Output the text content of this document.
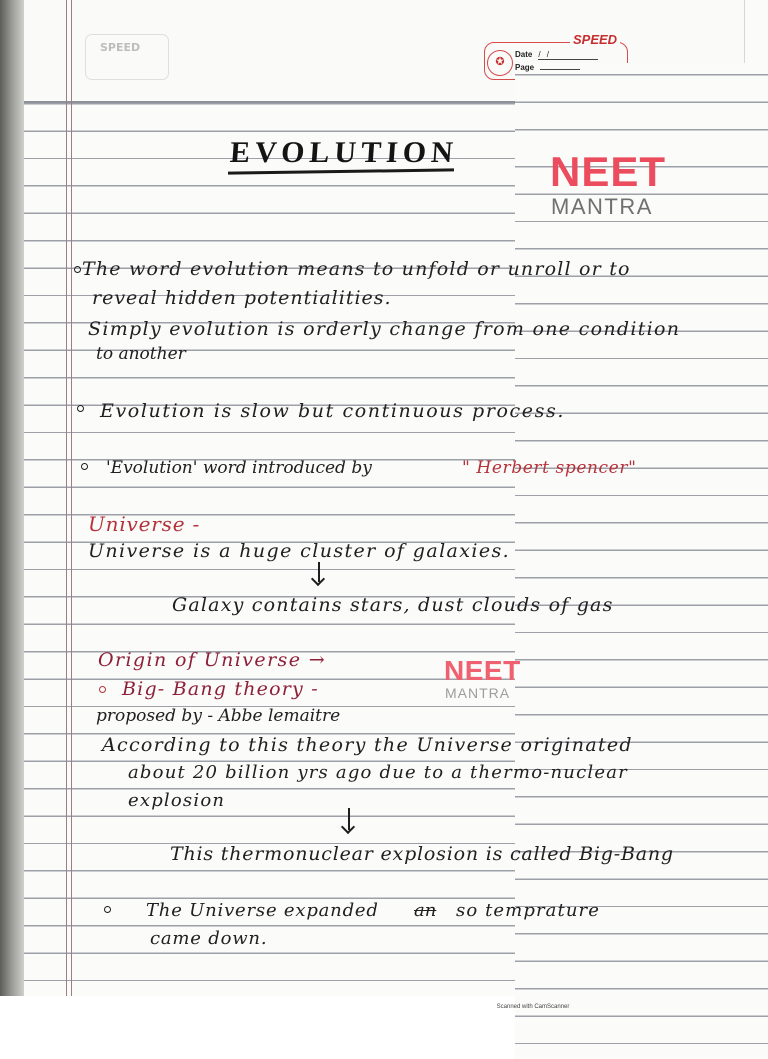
SPEED
SPEED
✪
Date / /
Page
EVOLUTION NEET
MANTRA
NEET
MANTRA
The word evolution means to unfold or unroll or to
reveal hidden potentialities.
Simply evolution is orderly change from one condition
to another
Evolution is slow but continuous process.
'Evolution' word introduced by	" Herbert spencer"
Universe -
Universe is a huge cluster of galaxies.
Galaxy contains stars, dust clouds of gas
Origin of Universe →
Big- Bang theory -
proposed by - Abbe lemaitre
According to this theory the Universe originated
about 20 billion yrs ago due to a thermo-nuclear
explosion
This thermonuclear explosion is called Big-Bang
The Universe expanded an so temprature
came down.
Scanned with CamScanner
